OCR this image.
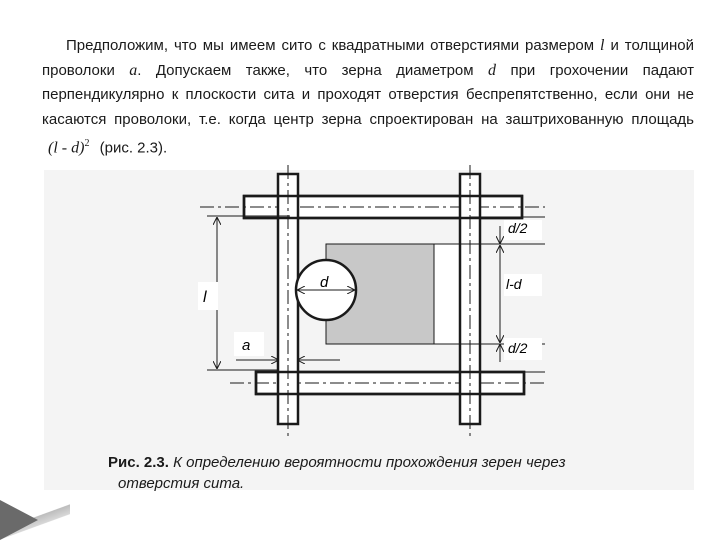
Предположим, что мы имеем сито с квадратными отверстиями размером l и толщиной проволоки a. Допускаем также, что зерна диаметром d при грохочении падают перпендикулярно к плоскости сита и проходят отверстия беспрепятственно, если они не касаются проволоки, т.е. когда центр зерна спроектирован на заштрихованную площадь (l - d)$^2$ (рис. 2.3).
d
l
a
d/2
l-d
d/2
Рис. 2.3. К определению вероятности прохождения зерен через
отверстия сита.
